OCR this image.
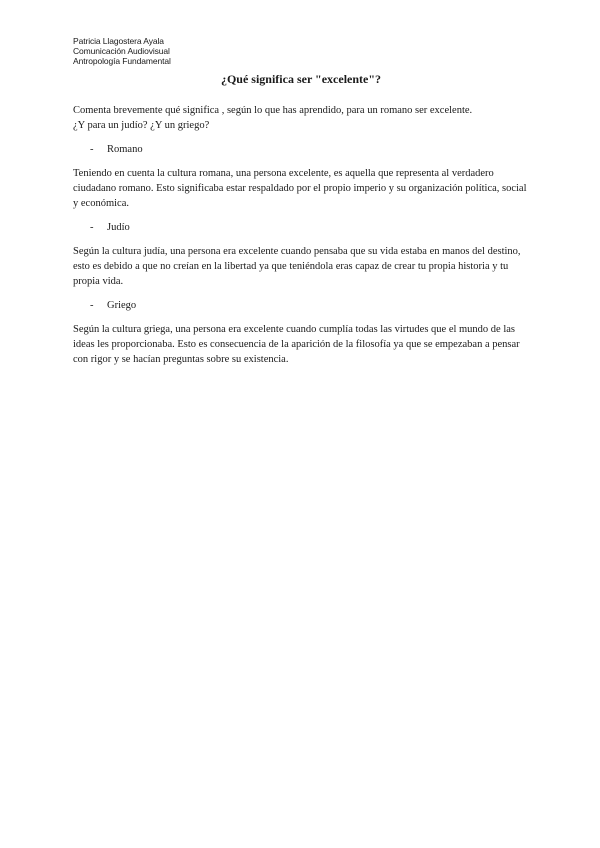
Patricia Llagostera Ayala
Comunicación Audiovisual
Antropología Fundamental
¿Qué significa ser "excelente"?
Comenta brevemente qué significa , según lo que has aprendido, para un romano ser excelente.
¿Y para un judío? ¿Y un griego?
-	Romano

Teniendo en cuenta la cultura romana, una persona excelente, es aquella que representa al verdadero ciudadano romano. Esto significaba estar respaldado por el propio imperio y su organización política, social y económica.

-	Judío

Según la cultura judía, una persona era excelente cuando pensaba que su vida estaba en manos del destino, esto es debido a que no creían en la libertad ya que teniéndola eras capaz de crear tu propia historia y tu propia vida.

-	Griego

Según la cultura griega, una persona era excelente cuando cumplía todas las virtudes que el mundo de las ideas les proporcionaba. Esto es consecuencia de la aparición de la filosofía ya que se empezaban a pensar con rigor y se hacían preguntas sobre su existencia.
